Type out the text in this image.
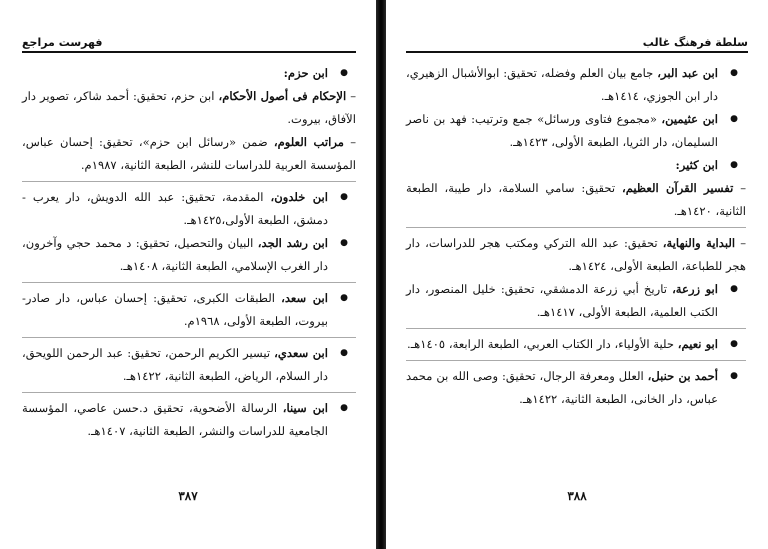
فهرست مراجع
● ابن حزم:
– الإحكام فى أصول الأحكام، ابن حزم، تحقيق: أحمد شاكر، تصوير دار الآفاق، بيروت.
– مراتب العلوم، ضمن «رسائل ابن حزم»، تحقيق: إحسان عباس، المؤسسة العربية للدراسات للنشر، الطبعة الثانية، ١٩٨٧م.
● ابن خلدون، المقدمة، تحقيق: عبد الله الدويش، دار يعرب - دمشق، الطبعة الأولى،١٤٢٥هـ.
● ابن رشد الجد، البيان والتحصيل، تحقيق: د محمد حجي وآخرون، دار الغرب الإسلامي، الطبعة الثانية، ١٤٠٨هـ.
● ابن سعد، الطبقات الكبرى، تحقيق: إحسان عباس، دار صادر- بيروت، الطبعة الأولى، ١٩٦٨م.
● ابن سعدي، تيسير الكريم الرحمن، تحقيق: عبد الرحمن اللويحق، دار السلام، الرياض، الطبعة الثانية، ١٤٢٢هـ.
● ابن سينا، الرسالة الأضحوية، تحقيق د.حسن عاصي، المؤسسة الجامعية للدراسات والنشر، الطبعة الثانية، ١٤٠٧هـ.
٣٨٧
سلطة فرهنگ غالب
● ابن عبد البر، جامع بيان العلم وفضله، تحقيق: ابوالأشبال الزهيري، دار ابن الجوزي، ١٤١٤هـ.
● ابن عثيمين، «مجموع فتاوى ورسائل» جمع وترتيب: فهد بن ناصر السليمان، دار الثريا، الطبعة الأولى، ١٤٢٣هـ.
● ابن كثير:
– تفسير القرآن العظيم، تحقيق: سامي السلامة، دار طيبة، الطبعة الثانية، ١٤٢٠هـ.
– البداية والنهاية، تحقيق: عبد الله التركي ومكتب هجر للدراسات، دار هجر للطباعة، الطبعة الأولى، ١٤٢٤هـ.
● ابو زرعة، تاريخ أبي زرعة الدمشقي، تحقيق: خليل المنصور، دار الكتب العلمية، الطبعة الأولى، ١٤١٧هـ.
● ابو نعيم، حلية الأولياء، دار الكتاب العربي، الطبعة الرابعة، ١٤٠٥هـ.
● أحمد بن حنبل، العلل ومعرفة الرجال، تحقيق: وصى الله بن محمد عباس، دار الخانى، الطبعة الثانية، ١٤٢٢هـ.
٣٨٨
